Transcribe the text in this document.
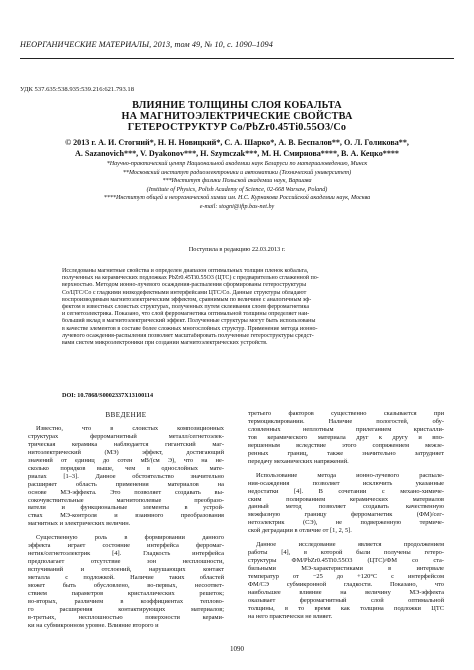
НЕОРГАНИЧЕСКИЕ МАТЕРИАЛЫ, 2013, том 49, № 10, с. 1090–1094
УДК 537.635:538.935:539.216:621.793.18
ВЛИЯНИЕ ТОЛЩИНЫ СЛОЯ КОБАЛЬТА
НА МАГНИТОЭЛЕКТРИЧЕСКИЕ СВОЙСТВА
ГЕТЕРОСТРУКТУР Co/PbZr0.45Ti0.55O3/Co
© 2013 г. А. И. Стогний*, Н. Н. Новицкий*, С. А. Шарко*, А. В. Беспалов**, О. Л. Голикова**,
A. Sazanovich***, V. Dyakonov***, H. Szymczak***, М. Н. Смирнова****, В. А. Кецко****
*Научно-практический центр Национальной академии наук Беларуси по материаловедению, Минск
**Московский институт радиоэлектроники и автоматики (Технический университет)
***Институт физики Польской академии наук, Варшава
(Institute of Physics, Polish Academy of Science, 02-668 Warsaw, Poland)
****Институт общей и неорганической химии им. Н.С. Курнакова Российской академии наук, Москва
e-mail: stogni@iftp.bas-net.by
Поступила в редакцию 22.03.2013 г.
Исследованы магнитные свойства и определен диапазон оптимальных толщин пленок кобальта,
полученных на керамических подложках PbZr0.45Ti0.55O3 (ЦТС) с предварительно сглаженной по-
верхностью. Методом ионно-лучевого осаждения-распыления сформированы гетероструктуры
Co/ЦТС/Co с гладкими низкодефектными интерфейсами ЦТС/Co. Данные структуры обладают
воспроизводимым магнитоэлектрическим эффектом, сравнимым по величине с аналогичным эф-
фектом в известных слоистых структурах, полученных путем склеивания слоев ферромагнетика
и сегнетоэлектрика. Показано, что слой ферромагнетика оптимальной толщины определяет наи-
больший вклад в магнитоэлектрический эффект. Полученные структуры могут быть использованы
в качестве элементов в составе более сложных многослойных структур. Применение метода ионно-
лучевого осаждения-распыления позволяет масштабировать полученные гетероструктуры средст-
вами систем микроэлектроники при создании магнитоэлектрических устройств.
DOI: 10.7868/S0002337X13100114
ВВЕДЕНИЕ
Известно, что в слоистых композиционных
структурах ферромагнитный металл/сегнетоэлек-
трическая керамика наблюдается гигантский маг-
нитоэлектрический (МЭ) эффект, достигающий
значений от единиц до сотен мВ/(см Э), что на не-
сколько порядков выше, чем в однослойных мате-
риалах [1–3]. Данное обстоятельство значительно
расширяет область применения материалов на
основе МЭ-эффекта. Это позволяет создавать вы-
сокочувствительные магнитополевые преобразо-
ватели и функциональные элементы в устрой-
ствах МЭ-контроля и взаимного преобразования
магнитных и электрических величин.
Существенную роль в формировании данного
эффекта играет состояние интерфейса ферромаг-
нетик/сегнетоэлектрик [4]. Гладкость интерфейса
предполагает отсутствие зон несплошности,
вспучиваний и отслоений, нарушающих контакт
металла с подложкой. Наличие таких областей
может быть обусловлено, во-первых, несоответ-
ствием параметров кристаллических решеток;
во-вторых, различием в коэффициентах теплово-
го расширения контактирующих материалов;
в-третьих, несплошностью поверхности керами-
ки на субмикронном уровне. Влияние второго и
третьего факторов существенно сказывается при
термоциклировании. Наличие пологостей, обу-
словленных неплотным прилеганием кристалли-
тов керамического материала друг к другу и впо-
вершенным вследствие этого сопряжением межзе-
ренных границ, также значительно затрудняет
передачу механических напряжений.
Использование метода ионно-лучевого распыле-
ния-осаждения позволяет исключить указанные
недостатки [4]. В сочетании с механо-химиче-
ским полированием керамических материалов
данный метод позволяет создавать качественную
межфазную границу ферромагнетик (ФМ)/сег-
нетоэлектрик (СЭ), не подверженную термиче-
ской деградации в отличие от [1, 2, 5].
Данное исследование является продолжением
работы [4], в которой были получены гетеро-
структуры ФМ/PbZr0.45Ti0.55O3 (ЦТС)/ФМ со ста-
бильными МЭ-характеристиками в интервале
температур от −25 до +120°С с интерфейсом
ФМ/СЭ субмикронной гладкости. Показано, что
наибольшее влияние на величину МЭ-эффекта
оказывает ферромагнитный слой оптимальной
толщины, в то время как толщина подложки ЦТС
на него практически не влияет.
1090
